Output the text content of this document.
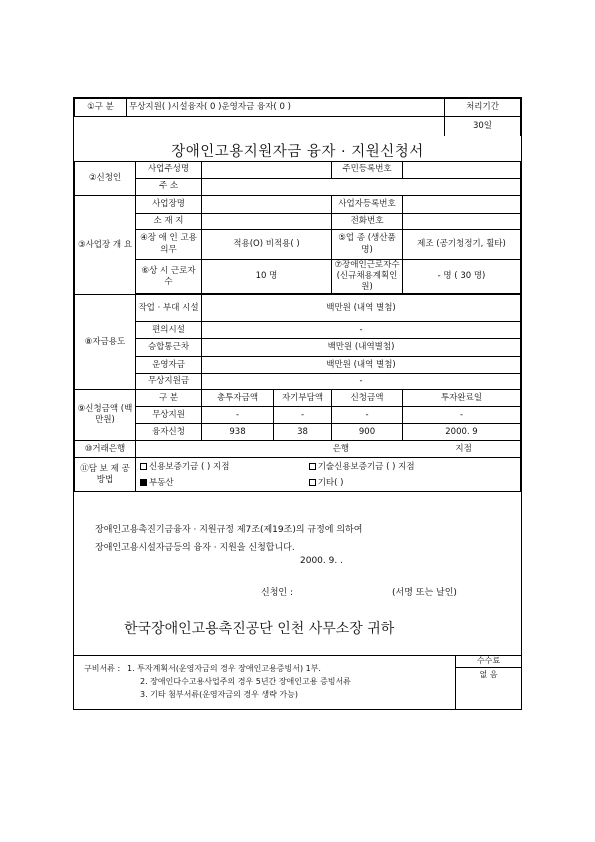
①구 분	무상지원( )시설융자( 0 )운영자금 융자( 0 )	처리기간
		30일
장애인고용지원자금 융자 · 지원신청서
②신청인	사업주성명			주민등록번호	
	주 소				
③사업장 개 요	사업장명			사업자등록번호	
	소 재 지			전화번호	
	④장 애 인 고용의무	적용(O) 비적용( )		⑤업 종 (생산품명)	제조 (공기청정기, 휠타)
	⑥상 시 근로자수	10 명		⑦장애인근로자수 (신규채용계획인원)	- 명 ( 30 명)

⑧자금용도	작업 · 부대 시설	백만원 (내역 별첨)			
	편의시설	-			
	승합통근차	백만원 (내역별첨)			
	운영자금	백만원 (내역 별첨)			
	무상지원금	-			
⑨신청금액 (백만원)	구 분	총투자금액	자기부담액	신청금액	투자완료일
	무상지원	-	-	-	-
	융자신청	938	38	900	2000. 9
⑩거래은행	은행 지점				
⑪담 보 제 공 방법	신용보증기금 ( ) 지점 기술신용보증기금 ( ) 지점
부동산 기타( )				
장애인고용촉진기금융자 · 지원규정 제7조(제19조)의 규정에 의하여
장애인고용시설자금등의 융자 · 지원을 신청합니다.
2000. 9. .
신청인 :	(서명 또는 날인)
한국장애인고용촉진공단 인천 사무소장 귀하
구비서류 : 1. 투자계획서(운영자금의 경우 장애인고용증빙서) 1부.
2. 장애인다수고용사업주의 경우 5년간 장애인고용 증빙서류
3. 기타 첨부서류(운영자금의 경우 생략 가능)
수수료
없 음
